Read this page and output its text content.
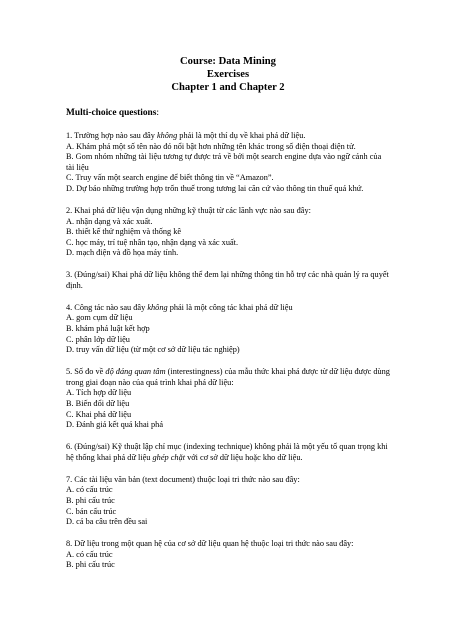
Course: Data Mining
Exercises
Chapter 1 and Chapter 2
Multi-choice questions:

1. Trường hợp nào sau đây không phải là một thí dụ về khai phá dữ liệu.

A. Khám phá một số tên nào đó nổi bật hơn những tên khác trong số điện thoại điện tử.

B. Gom nhóm những tài liệu tương tự được trả về bởi một search engine dựa vào ngữ cảnh của tài liệu

C. Truy vấn một search engine để biết thông tin về “Amazon”.

D. Dự báo những trường hợp trốn thuế trong tương lai căn cứ vào thông tin thuế quá khứ.

2. Khai phá dữ liệu vận dụng những kỹ thuật từ các lãnh vực nào sau đây:

A. nhận dạng và xác xuất.

B. thiết kế thử nghiệm và thống kê

C. học máy, trí tuệ nhân tạo, nhận dạng và xác xuất.

D. mạch điện và đồ họa máy tính.

3. (Đúng/sai) Khai phá dữ liệu không thể đem lại những thông tin hỗ trợ các nhà quản lý ra quyết định.

4. Công tác nào sau đây không phải là một công tác khai phá dữ liệu

A. gom cụm dữ liệu

B. khám phá luật kết hợp

C. phân lớp dữ liệu

D. truy vấn dữ liệu (từ một cơ sở dữ liệu tác nghiệp)

5. Số đo về độ đáng quan tâm (interestingness) của mẫu thức khai phá được từ dữ liệu được dùng trong giai đoạn nào của quá trình khai phá dữ liệu:

A. Tích hợp dữ liệu

B. Biến đổi dữ liệu

C. Khai phá dữ liệu

D. Đánh giá kết quả khai phá

6. (Đúng/sai) Kỹ thuật lập chỉ mục (indexing technique) không phải là một yếu tố quan trọng khi hệ thống khai phá dữ liệu ghép chặt với cơ sở dữ liệu hoặc kho dữ liệu.

7. Các tài liệu văn bản (text document) thuộc loại tri thức nào sau đây:

A. có cấu trúc

B. phi cấu trúc

C. bán cấu trúc

D. cả ba câu trên đều sai

8. Dữ liệu trong một quan hệ của cơ sở dữ liệu quan hệ thuộc loại tri thức nào sau đây:

A. có cấu trúc

B. phi cấu trúc
